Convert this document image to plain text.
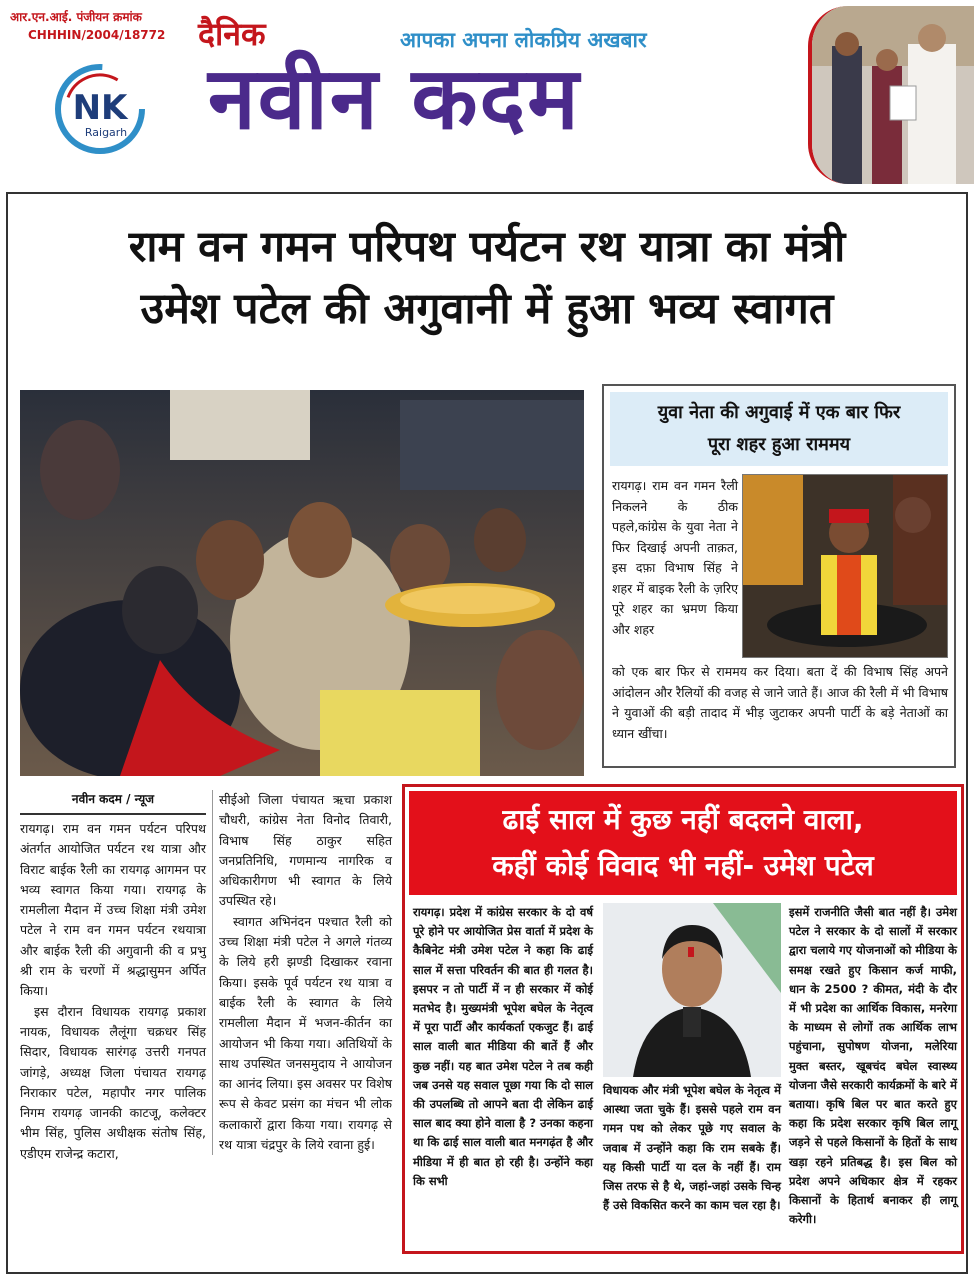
आर.एन.आई. पंजीयन क्रमांक
CHHHIN/2004/18772
NK
Raigarh
दैनिक	आपका अपना लोकप्रिय अखबार
नवीन कदम
राम वन गमन परिपथ पर्यटन रथ यात्रा का मंत्री
उमेश पटेल की अगुवानी में हुआ भव्य स्वागत
युवा नेता की अगुवाई में एक बार फिर
पूरा शहर हुआ राममय
रायगढ़। राम वन गमन रैली निकलने के ठीक पहले,कांग्रेस के युवा नेता ने फिर दिखाई अपनी ताक़त, इस दफ़ा विभाष सिंह ने शहर में बाइक रैली के ज़रिए पूरे शहर का भ्रमण किया और शहर
को एक बार फिर से राममय कर दिया। बता दें की विभाष सिंह अपने आंदोलन और रैलियों की वजह से जाने जाते हैं। आज की रैली में भी विभाष ने युवाओं की बड़ी तादाद में भीड़ जुटाकर अपनी पार्टी के बड़े नेताओं का ध्यान खींचा।
नवीन कदम / न्यूज
रायगढ़। राम वन गमन पर्यटन परिपथ अंतर्गत आयोजित पर्यटन रथ यात्रा और विराट बाईक रैली का रायगढ़ आगमन पर भव्य स्वागत किया गया। रायगढ़ के रामलीला मैदान में उच्च शिक्षा मंत्री उमेश पटेल ने राम वन गमन पर्यटन रथयात्रा और बाईक रैली की अगुवानी की व प्रभु श्री राम के चरणों में श्रद्धासुमन अर्पित किया।
इस दौरान विधायक रायगढ़ प्रकाश नायक, विधायक लैलूंगा चक्रधर सिंह सिदार, विधायक सारंगढ़ उत्तरी गनपत जांगड़े, अध्यक्ष जिला पंचायत रायगढ़ निराकार पटेल, महापौर नगर पालिक निगम रायगढ़ जानकी काटजू, कलेक्टर भीम सिंह, पुलिस अधीक्षक संतोष सिंह, एडीएम राजेन्द्र कटारा,

सीईओ जिला पंचायत ऋचा प्रकाश चौधरी, कांग्रेस नेता विनोद तिवारी, विभाष सिंह ठाकुर सहित जनप्रतिनिधि, गणमान्य नागरिक व अधिकारीगण भी स्वागत के लिये उपस्थित रहे।

स्वागत अभिनंदन पश्चात रैली को उच्च शिक्षा मंत्री पटेल ने अगले गंतव्य के लिये हरी झण्डी दिखाकर रवाना किया। इसके पूर्व पर्यटन रथ यात्रा व बाईक रैली के स्वागत के लिये रामलीला मैदान में भजन-कीर्तन का आयोजन भी किया गया। अतिथियों के साथ उपस्थित जनसमुदाय ने आयोजन का आनंद लिया। इस अवसर पर विशेष रूप से केवट प्रसंग का मंचन भी लोक कलाकारों द्वारा किया गया। रायगढ़ से रथ यात्रा चंद्रपुर के लिये रवाना हुई।

ढाई साल में कुछ नहीं बदलने वाला,
कहीं कोई विवाद भी नहीं- उमेश पटेल
रायगढ़। प्रदेश में कांग्रेस सरकार के दो वर्ष पूरे होने पर आयोजित प्रेस वार्ता में प्रदेश के कैबिनेट मंत्री उमेश पटेल ने कहा कि ढाई साल में सत्ता परिवर्तन की बात ही गलत है। इसपर न तो पार्टी में न ही सरकार में कोई मतभेद है। मुख्यमंत्री भूपेश बघेल के नेतृत्व में पूरा पार्टी और कार्यकर्ता एकजुट हैं। ढाई साल वाली बात मीडिया की बातें हैं और कुछ नहीं। यह बात उमेश पटेल ने तब कही जब उनसे यह सवाल पूछा गया कि दो साल की उपलब्धि तो आपने बता दी लेकिन ढाई साल बाद क्या होने वाला है ? उनका कहना था कि ढाई साल वाली बात मनगढ़ंत है और मीडिया में ही बात हो रही है। उन्होंने कहा कि सभी
विधायक और मंत्री भूपेश बघेल के नेतृत्व में आस्था जता चुके हैं। इससे पहले राम वन गमन पथ को लेकर पूछे गए सवाल के जवाब में उन्होंने कहा कि राम सबके हैं। यह किसी पार्टी या दल के नहीं हैं। राम जिस तरफ से है थे, जहां-जहां उसके चिन्ह हैं उसे विकसित करने का काम चल रहा है।
इसमें राजनीति जैसी बात नहीं है। उमेश पटेल ने सरकार के दो सालों में सरकार द्वारा चलाये गए योजनाओं को मीडिया के समक्ष रखते हुए किसान कर्ज माफी, धान के 2500 ? कीमत, मंदी के दौर में भी प्रदेश का आर्थिक विकास, मनरेगा के माध्यम से लोगों तक आर्थिक लाभ पहुंचाना, सुपोषण योजना, मलेरिया मुक्त बस्तर, खूबचंद बघेल स्वास्थ्य योजना जैसे सरकारी कार्यक्रमों के बारे में बताया। कृषि बिल पर बात करते हुए कहा कि प्रदेश सरकार कृषि बिल लागू जड़ने से पहले किसानों के हितों के साथ खड़ा रहने प्रतिबद्ध है। इस बिल को प्रदेश अपने अधिकार क्षेत्र में रहकर किसानों के हितार्थ बनाकर ही लागू करेगी।
